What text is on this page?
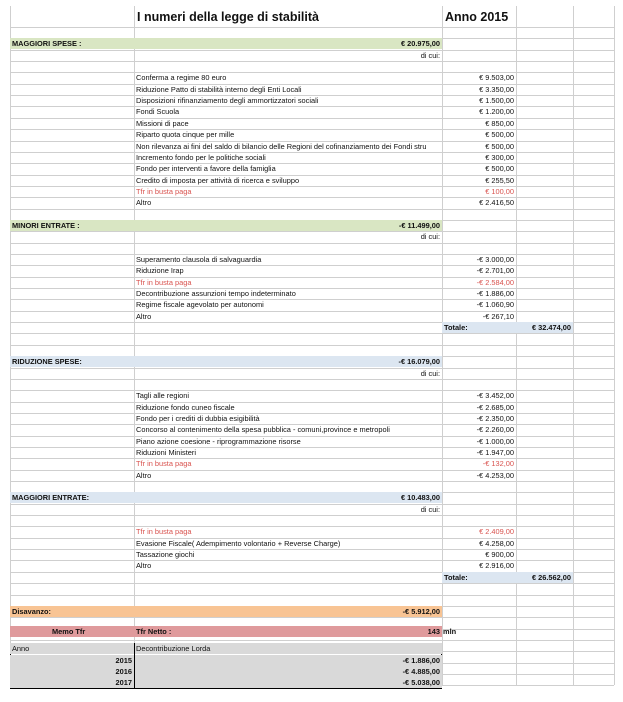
I numeri della legge di stabilità	Anno 2015
MAGGIORI SPESE :	€ 20.975,00
di cui:
Conferma a regime 80 euro	€ 9.503,00
Riduzione Patto di stabilità interno degli Enti Locali	€ 3.350,00
Disposizioni rifinanziamento degli ammortizzatori sociali	€ 1.500,00
Fondi Scuola	€ 1.200,00
Missioni di pace	€ 850,00
Riparto quota cinque per mille	€ 500,00
Non rilevanza ai fini del saldo di bilancio delle Regioni del cofinanziamento dei Fondi stru	€ 500,00
Incremento fondo per le politiche sociali	€ 300,00
Fondo per interventi a favore della famiglia	€ 500,00
Credito di imposta per attività di ricerca e sviluppo	€ 255,50
Tfr in busta paga	€ 100,00
Altro	€ 2.416,50
MINORI ENTRATE :	-€ 11.499,00
di cui:
Superamento clausola di salvaguardia	-€ 3.000,00
Riduzione Irap	-€ 2.701,00
Tfr in busta paga	-€ 2.584,00
Decontribuzione assunzioni tempo indeterminato	-€ 1.886,00
Regime fiscale agevolato per autonomi	-€ 1.060,90
Altro	-€ 267,10
Totale:	€ 32.474,00
RIDUZIONE SPESE:	-€ 16.079,00
di cui:
Tagli alle regioni	-€ 3.452,00
Riduzione fondo cuneo fiscale	-€ 2.685,00
Fondo per i crediti di dubbia esigibilità	-€ 2.350,00
Concorso al contenimento della spesa pubblica - comuni,province e metropoli	-€ 2.260,00
Piano azione coesione - riprogrammazione risorse	-€ 1.000,00
Riduzioni Ministeri	-€ 1.947,00
Tfr in busta paga	-€ 132,00
Altro	-€ 4.253,00
MAGGIORI ENTRATE:	€ 10.483,00
di cui:
Tfr in busta paga	€ 2.409,00
Evasione Fiscale( Adempimento volontario + Reverse Charge)	€ 4.258,00
Tassazione giochi	€ 900,00
Altro	€ 2.916,00
Totale:	€ 26.562,00
Disavanzo:	-€ 5.912,00
Memo Tfr	Tfr Netto :	143 mln
Anno	Decontribuzione Lorda
2015	-€ 1.886,00
2016	-€ 4.885,00
2017	-€ 5.038,00
